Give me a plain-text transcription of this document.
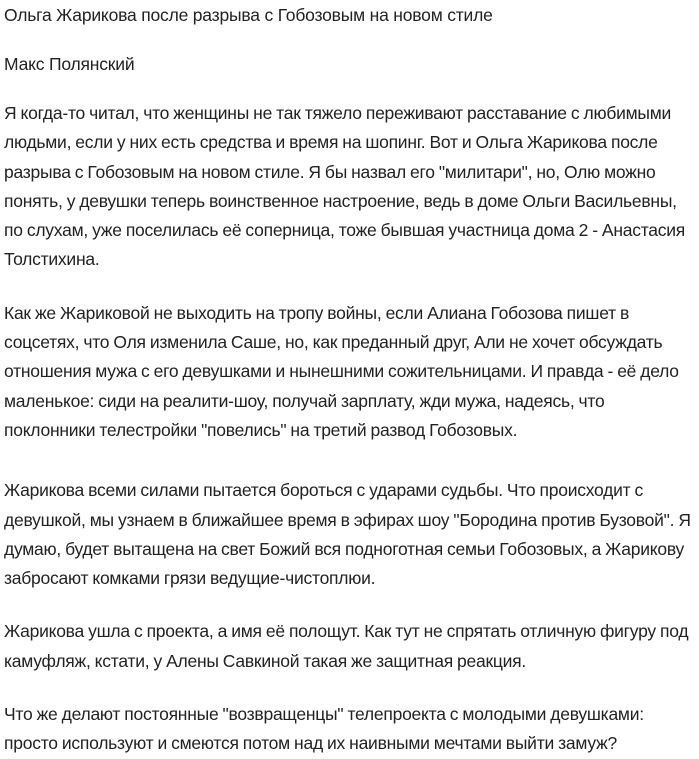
Ольга Жарикова после разрыва с Гобозовым на новом стиле
Макс Полянский

Я когда-то читал, что женщины не так тяжело переживают расставание с любимыми людьми, если у них есть средства и время на шопинг. Вот и Ольга Жарикова после разрыва с Гобозовым на новом стиле. Я бы назвал его "милитари", но, Олю можно понять, у девушки теперь воинственное настроение, ведь в доме Ольги Васильевны, по слухам, уже поселилась её соперница, тоже бывшая участница дома 2 - Анастасия Толстихина.

Как же Жариковой не выходить на тропу войны, если Алиана Гобозова пишет в соцсетях, что Оля изменила Саше, но, как преданный друг, Али не хочет обсуждать отношения мужа с его девушками и нынешними сожительницами. И правда - её дело маленькое: сиди на реалити-шоу, получай зарплату, жди мужа, надеясь, что поклонники телестройки "повелись" на третий развод Гобозовых.

Жарикова всеми силами пытается бороться с ударами судьбы. Что происходит с девушкой, мы узнаем в ближайшее время в эфирах шоу "Бородина против Бузовой". Я думаю, будет вытащена на свет Божий вся подноготная семьи Гобозовых, а Жарикову забросают комками грязи ведущие-чистоплюи.

Жарикова ушла с проекта, а имя её полощут. Как тут не спрятать отличную фигуру под камуфляж, кстати, у Алены Савкиной такая же защитная реакция.

Что же делают постоянные "возвращенцы" телепроекта с молодыми девушками: просто используют и смеются потом над их наивными мечтами выйти замуж?
